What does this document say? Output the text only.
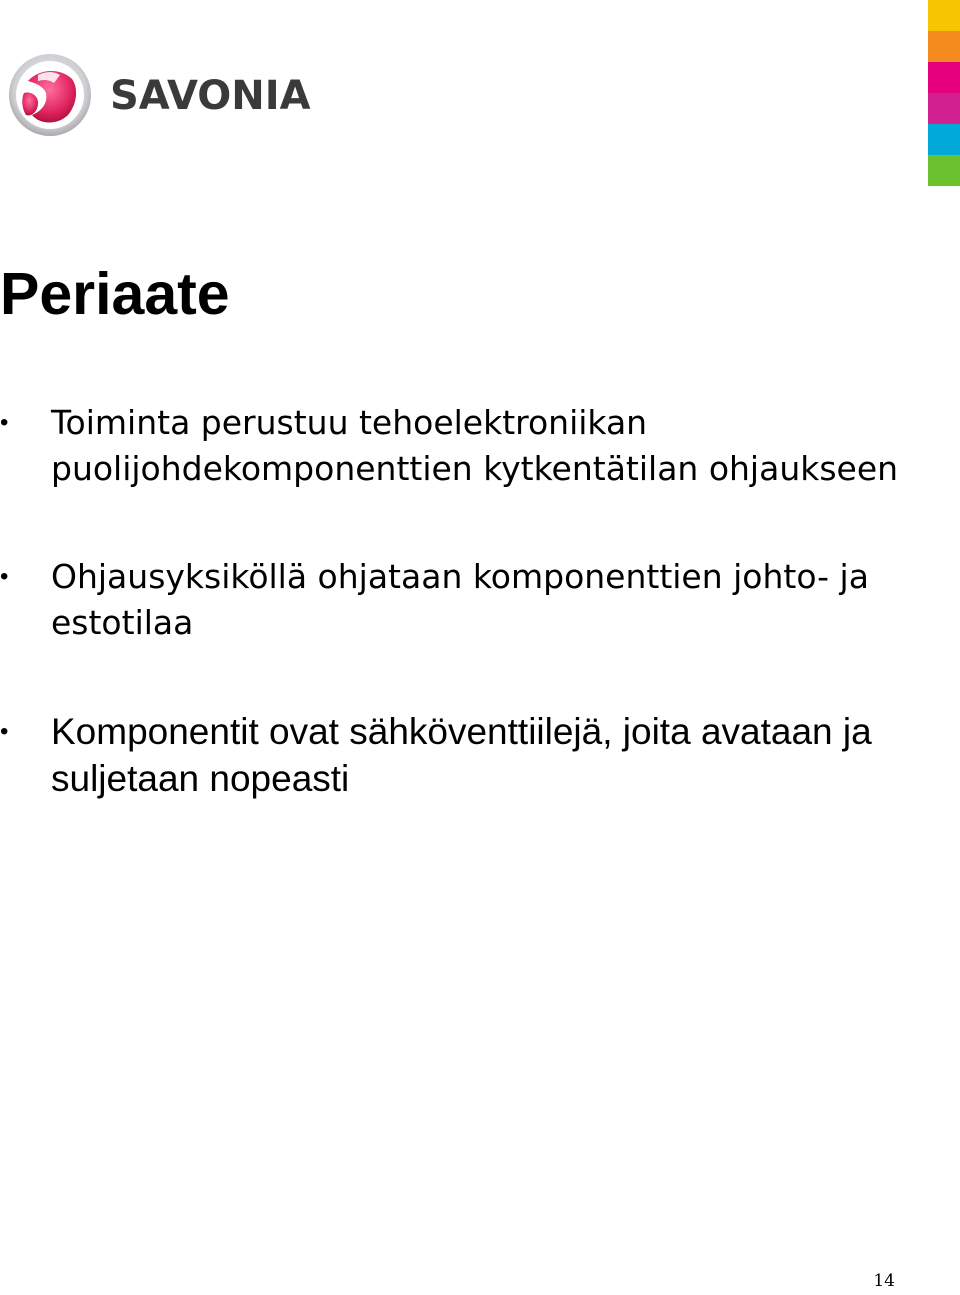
SAVONIA
Periaate
• Toiminta perustuu tehoelektroniikan puolijohdekomponenttien kytkentätilan ohjaukseen
• Ohjausyksiköllä ohjataan komponenttien johto- ja estotilaa
• Komponentit ovat sähköventtiilejä, joita avataan ja suljetaan nopeasti
14
